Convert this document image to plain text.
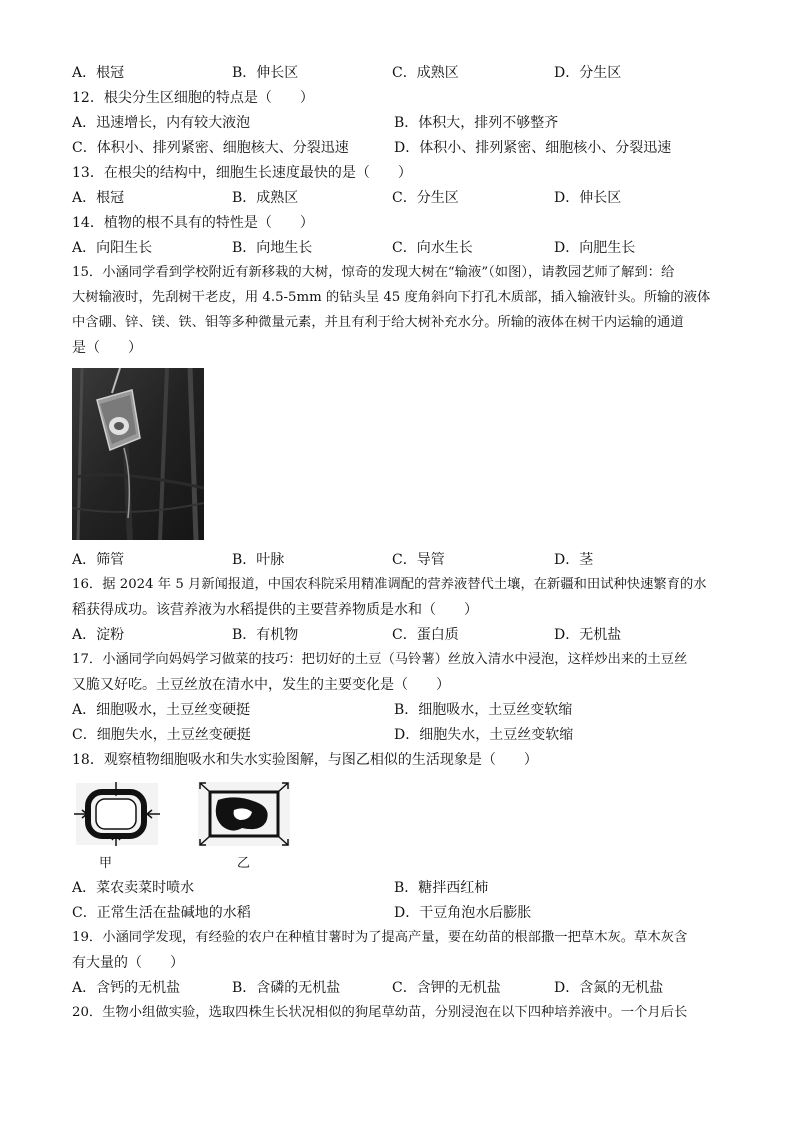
A．根冠	B．伸长区	C．成熟区	D．分生区
12．根尖分生区细胞的特点是（　　）
A．迅速增长，内有较大液泡	B．体积大，排列不够整齐
C．体积小、排列紧密、细胞核大、分裂迅速	D．体积小、排列紧密、细胞核小、分裂迅速
13．在根尖的结构中，细胞生长速度最快的是（　　）
A．根冠	B．成熟区	C．分生区	D．伸长区
14．植物的根不具有的特性是（　　）
A．向阳生长	B．向地生长	C．向水生长	D．向肥生长
15．小涵同学看到学校附近有新移栽的大树，惊奇的发现大树在“输液”（如图），请教园艺师了解到：给
大树输液时，先刮树干老皮，用 4.5-5mm 的钻头呈 45 度角斜向下打孔木质部，插入输液针头。所输的液体
中含硼、锌、镁、铁、钼等多种微量元素，并且有利于给大树补充水分。所输的液体在树干内运输的通道
是（　　）
A．筛管	B．叶脉	C．导管	D．茎
16．据 2024 年 5 月新闻报道，中国农科院采用精准调配的营养液替代土壤，在新疆和田试种快速繁育的水
稻获得成功。该营养液为水稻提供的主要营养物质是水和（　　）
A．淀粉	B．有机物	C．蛋白质	D．无机盐
17．小涵同学向妈妈学习做菜的技巧：把切好的土豆（马铃薯）丝放入清水中浸泡，这样炒出来的土豆丝
又脆又好吃。土豆丝放在清水中，发生的主要变化是（　　）
A．细胞吸水，土豆丝变硬挺	B．细胞吸水，土豆丝变软缩
C．细胞失水，土豆丝变硬挺	D．细胞失水，土豆丝变软缩
18．观察植物细胞吸水和失水实验图解，与图乙相似的生活现象是（　　）
甲	乙
A．菜农卖菜时喷水	B．糖拌西红柿
C．正常生活在盐碱地的水稻	D．干豆角泡水后膨胀
19．小涵同学发现，有经验的农户在种植甘薯时为了提高产量，要在幼苗的根部撒一把草木灰。草木灰含
有大量的（　　）
A．含钙的无机盐	B．含磷的无机盐	C．含钾的无机盐	D．含氮的无机盐
20．生物小组做实验，选取四株生长状况相似的狗尾草幼苗，分别浸泡在以下四种培养液中。一个月后长
